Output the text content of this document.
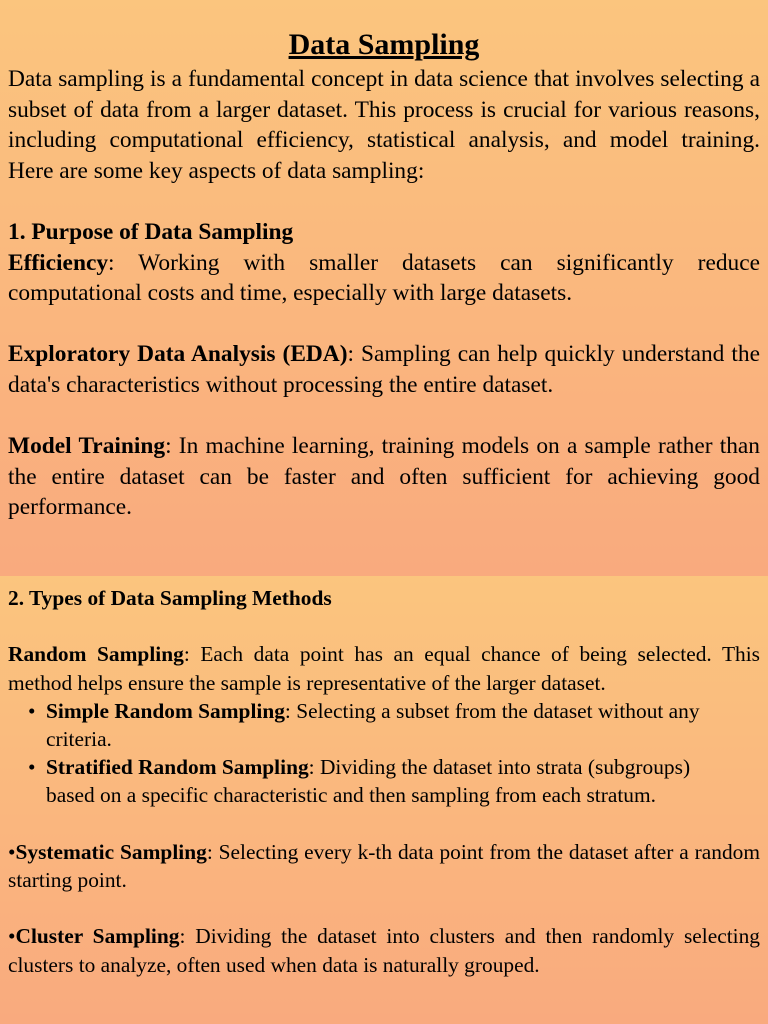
Data Sampling

Data sampling is a fundamental concept in data science that involves selecting a subset of data from a larger dataset. This process is crucial for various reasons, including computational efficiency, statistical analysis, and model training. Here are some key aspects of data sampling:

1. Purpose of Data Sampling

Efficiency: Working with smaller datasets can significantly reduce computational costs and time, especially with large datasets.

Exploratory Data Analysis (EDA): Sampling can help quickly understand the data's characteristics without processing the entire dataset.

Model Training: In machine learning, training models on a sample rather than the entire dataset can be faster and often sufficient for achieving good performance.

2. Types of Data Sampling Methods

Random Sampling: Each data point has an equal chance of being selected. This method helps ensure the sample is representative of the larger dataset.

• Simple Random Sampling: Selecting a subset from the dataset without any criteria.
• Stratified Random Sampling: Dividing the dataset into strata (subgroups) based on a specific characteristic and then sampling from each stratum.

•Systematic Sampling: Selecting every k-th data point from the dataset after a random starting point.

•Cluster Sampling: Dividing the dataset into clusters and then randomly selecting clusters to analyze, often used when data is naturally grouped.
